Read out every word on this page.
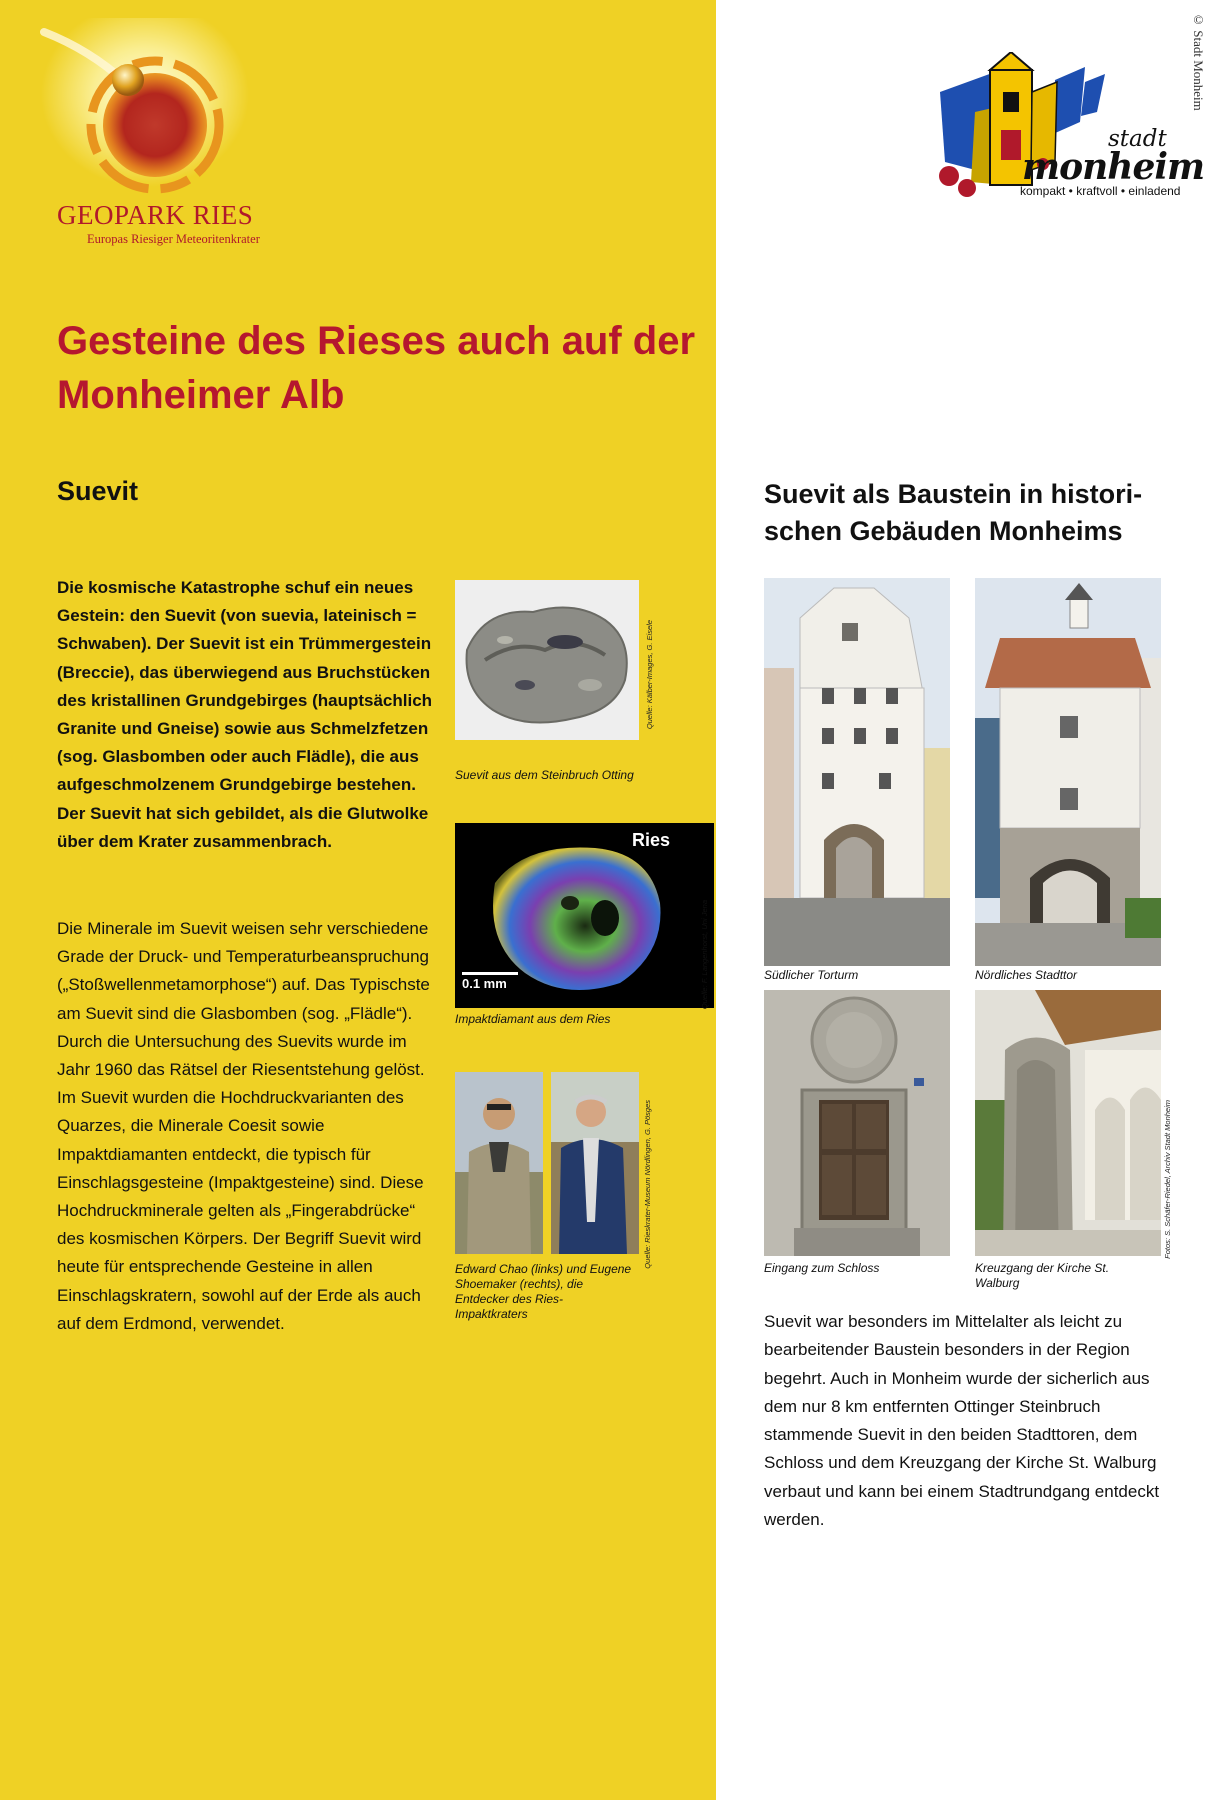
GEOPARK RIES
Europas Riesiger Meteoritenkrater
stadt
monheim
kompakt • kraftvoll • einladend
© Stadt Monheim
Gesteine des Rieses auch auf der Monheimer Alb
Suevit	Suevit als Baustein in historischen Gebäuden Monheims

Die kosmische Katastrophe schuf ein neues Gestein: den Suevit (von suevia, lateinisch = Schwaben). Der Suevit ist ein Trümmergestein (Breccie), das überwiegend aus Bruchstücken des kristallinen Grundgebirges (hauptsächlich Granite und Gneise) sowie aus Schmelzfetzen (sog. Glasbomben oder auch Flädle), die aus aufgeschmolzenem Grundgebirge bestehen. Der Suevit hat sich gebildet, als die Glutwolke über dem Krater zusammenbrach.

Die Minerale im Suevit weisen sehr verschiedene Grade der Druck- und Temperaturbeanspruchung („Stoßwellenmetamorphose“) auf. Das Typischste am Suevit sind die Glasbomben (sog. „Flädle“). Durch die Untersuchung des Suevits wurde im Jahr 1960 das Rätsel der Riesentstehung gelöst. Im Suevit wurden die Hochdruckvarianten des Quarzes, die Minerale Coesit sowie Impaktdiamanten entdeckt, die typisch für Einschlagsgesteine (Impaktgesteine) sind. Diese Hochdruckminerale gelten als „Fingerabdrücke“ des kosmischen Körpers. Der Begriff Suevit wird heute für entsprechende Gesteine in allen Einschlagskratern, sowohl auf der Erde als auch auf dem Erdmond, verwendet.

Quelle: Kälber-Images, G. Eisele
Suevit aus dem Steinbruch Otting
Ries
0.1 mm	Quelle: F. Langenhorst, Uni Jena
Impaktdiamant aus dem Ries
Quelle: Rieskrater-Museum Nördlingen, G. Pösges
Edward Chao (links) und Eugene Shoemaker (rechts), die Entdecker des Ries-Impaktkraters
Südlicher Torturm	Nördliches Stadttor
Fotos: S. Schäfer-Riedel, Archiv Stadt Monheim
Eingang zum Schloss	Kreuzgang der Kirche St. Walburg

Suevit war besonders im Mittelalter als leicht zu bearbeitender Baustein besonders in der Region begehrt. Auch in Monheim wurde der sicherlich aus dem nur 8 km entfernten Ottinger Steinbruch stammende Suevit in den beiden Stadttoren, dem Schloss und dem Kreuzgang der Kirche St. Walburg verbaut und kann bei einem Stadtrundgang entdeckt werden.
